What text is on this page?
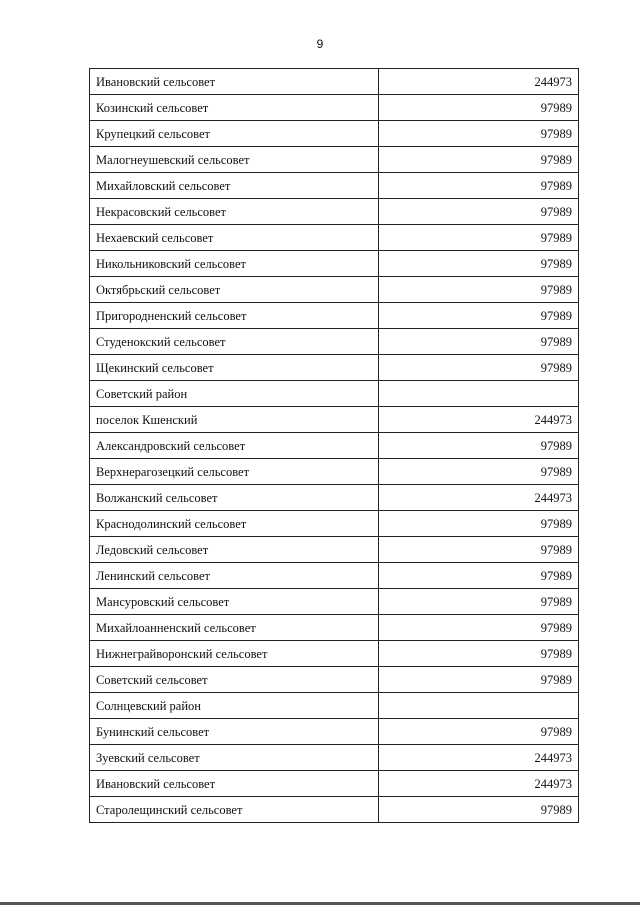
9
Ивановский сельсовет	244973
Козинский сельсовет	97989
Крупецкий сельсовет	97989
Малогнеушевский сельсовет	97989
Михайловский сельсовет	97989
Некрасовский сельсовет	97989
Нехаевский сельсовет	97989
Никольниковский сельсовет	97989
Октябрьский сельсовет	97989
Пригородненский сельсовет	97989
Студенокский сельсовет	97989
Щекинский сельсовет	97989
Советский район	
поселок Кшенский	244973
Александровский сельсовет	97989
Верхнерагозецкий сельсовет	97989
Волжанский сельсовет	244973
Краснодолинский сельсовет	97989
Ледовский сельсовет	97989
Ленинский сельсовет	97989
Мансуровский сельсовет	97989
Михайлоанненский сельсовет	97989
Нижнеграйворонский сельсовет	97989
Советский сельсовет	97989
Солнцевский район	
Бунинский сельсовет	97989
Зуевский сельсовет	244973
Ивановский сельсовет	244973
Старолещинский сельсовет	97989
